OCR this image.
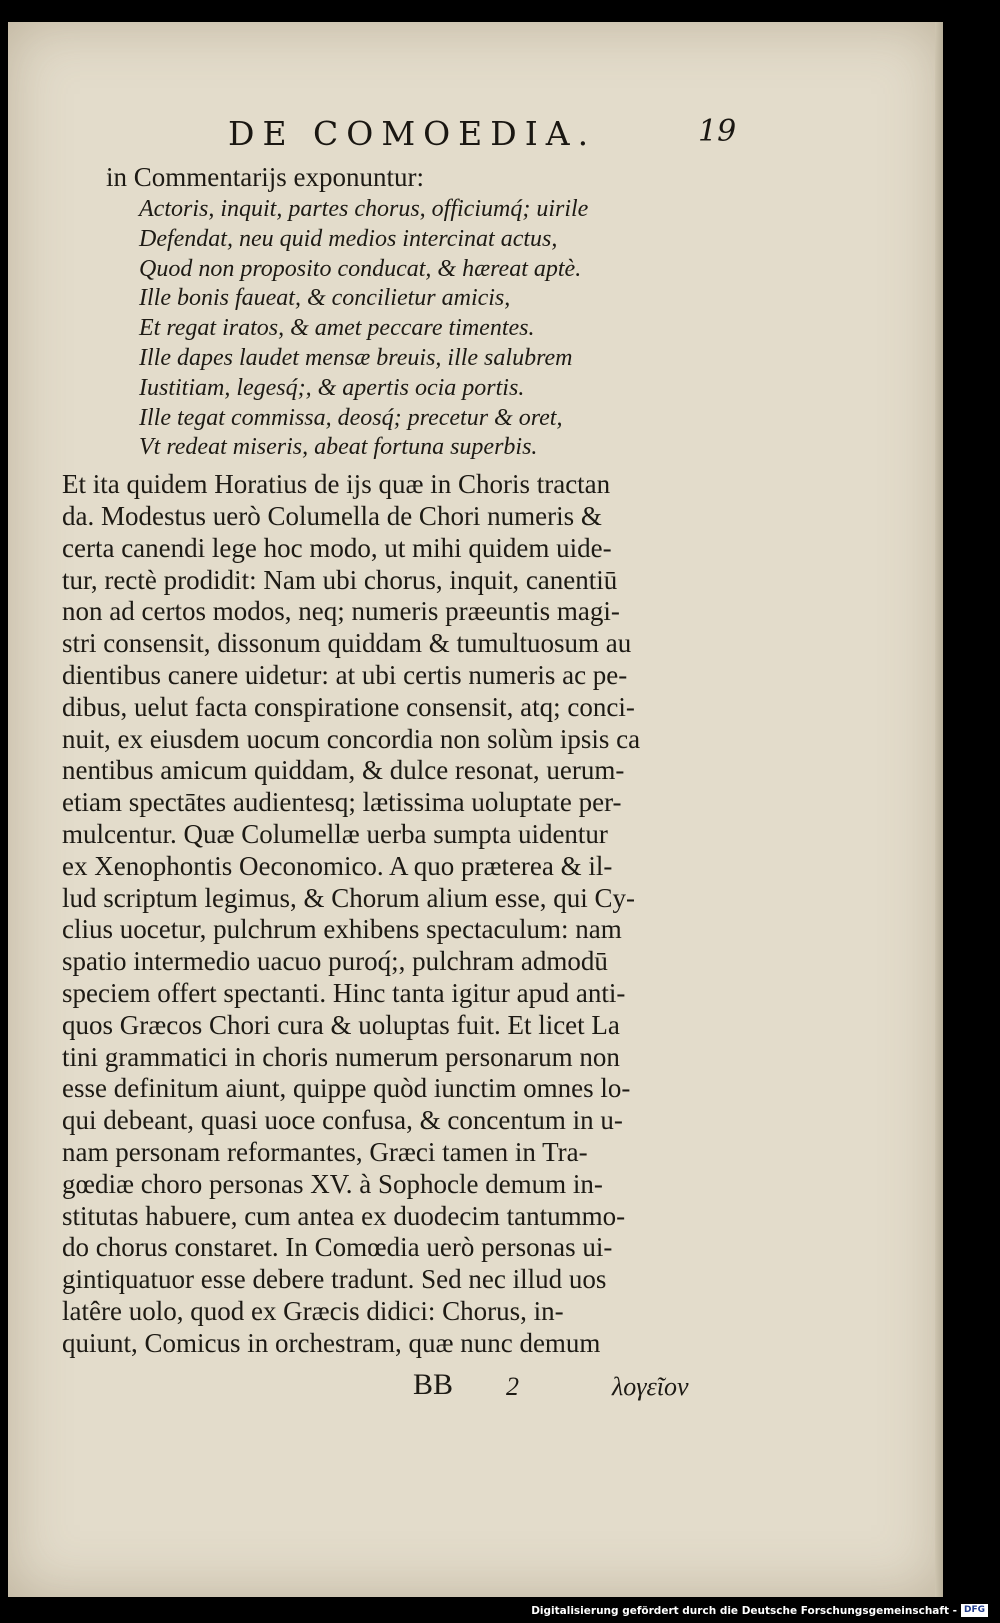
DE COMOEDIA.	19
in Commentarijs exponuntur:
Actoris, inquit, partes chorus, officiumq́; uirile
Defendat, neu quid medios intercinat actus,
Quod non proposito conducat, & hæreat aptè.
Ille bonis faueat, & concilietur amicis,
Et regat iratos, & amet peccare timentes.
Ille dapes laudet mensæ breuis, ille salubrem
Iustitiam, legesq́;, & apertis ocia portis.
Ille tegat commissa, deosq́; precetur & oret,
Vt redeat miseris, abeat fortuna superbis.
Et ita quidem Horatius de ijs quæ in Choris tractan
da. Modestus uerò Columella de Chori numeris &
certa canendi lege hoc modo, ut mihi quidem uide-
tur, rectè prodidit: Nam ubi chorus, inquit, canentiū
non ad certos modos, neq; numeris præeuntis magi-
stri consensit, dissonum quiddam & tumultuosum au
dientibus canere uidetur: at ubi certis numeris ac pe-
dibus, uelut facta conspiratione consensit, atq; conci-
nuit, ex eiusdem uocum concordia non solùm ipsis ca
nentibus amicum quiddam, & dulce resonat, uerum-
etiam spectātes audientesq; lætissima uoluptate per-
mulcentur. Quæ Columellæ uerba sumpta uidentur
ex Xenophontis Oeconomico. A quo præterea & il-
lud scriptum legimus, & Chorum alium esse, qui Cy-
clius uocetur, pulchrum exhibens spectaculum: nam
spatio intermedio uacuo puroq́;, pulchram admodū
speciem offert spectanti. Hinc tanta igitur apud anti-
quos Græcos Chori cura & uoluptas fuit. Et licet La
tini grammatici in choris numerum personarum non
esse definitum aiunt, quippe quòd iunctim omnes lo-
qui debeant, quasi uoce confusa, & concentum in u-
nam personam reformantes, Græci tamen in Tra-
gœdiæ choro personas XV. à Sophocle demum in-
stitutas habuere, cum antea ex duodecim tantummo-
do chorus constaret. In Comœdia uerò personas ui-
gintiquatuor esse debere tradunt. Sed nec illud uos
latêre uolo, quod ex Græcis didici: Chorus, in-
quiunt, Comicus in orchestram, quæ nunc demum
BB 2	λογεῖον
Digitalisierung gefördert durch die Deutsche Forschungsgemeinschaft - DFG
